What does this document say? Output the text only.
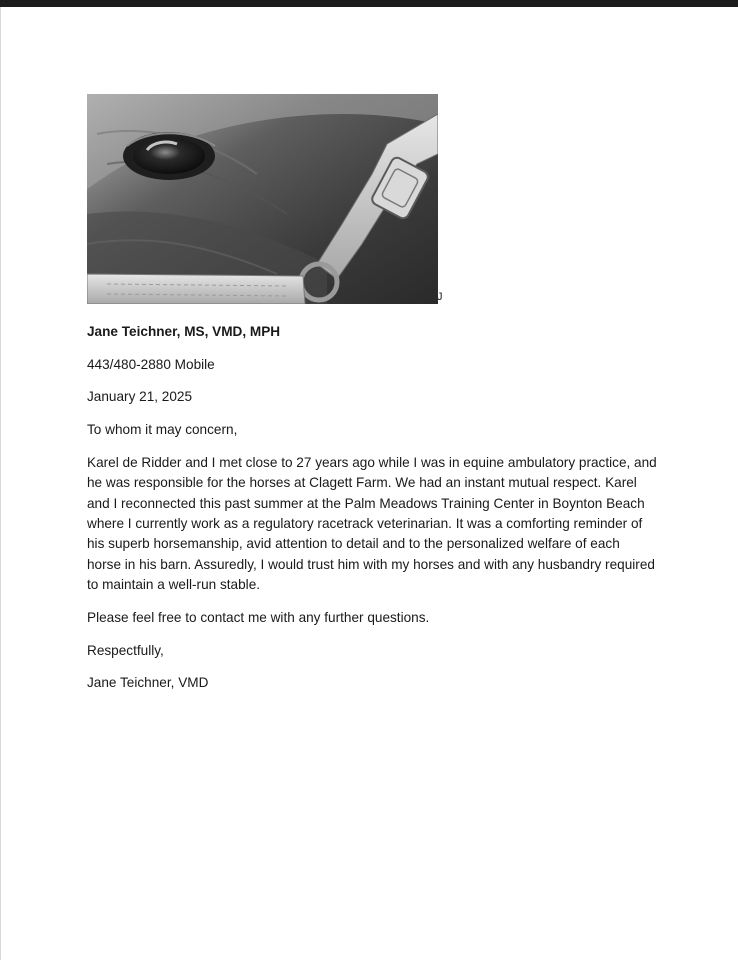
J

Jane Teichner, MS, VMD, MPH

443/480-2880 Mobile

January 21, 2025

To whom it may concern,

Karel de Ridder and I met close to 27 years ago while I was in equine ambulatory practice, and he was responsible for the horses at Clagett Farm. We had an instant mutual respect. Karel and I reconnected this past summer at the Palm Meadows Training Center in Boynton Beach where I currently work as a regulatory racetrack veterinarian. It was a comforting reminder of his superb horsemanship, avid attention to detail and to the personalized welfare of each horse in his barn. Assuredly, I would trust him with my horses and with any husbandry required to maintain a well-run stable.

Please feel free to contact me with any further questions.

Respectfully,

Jane Teichner, VMD
